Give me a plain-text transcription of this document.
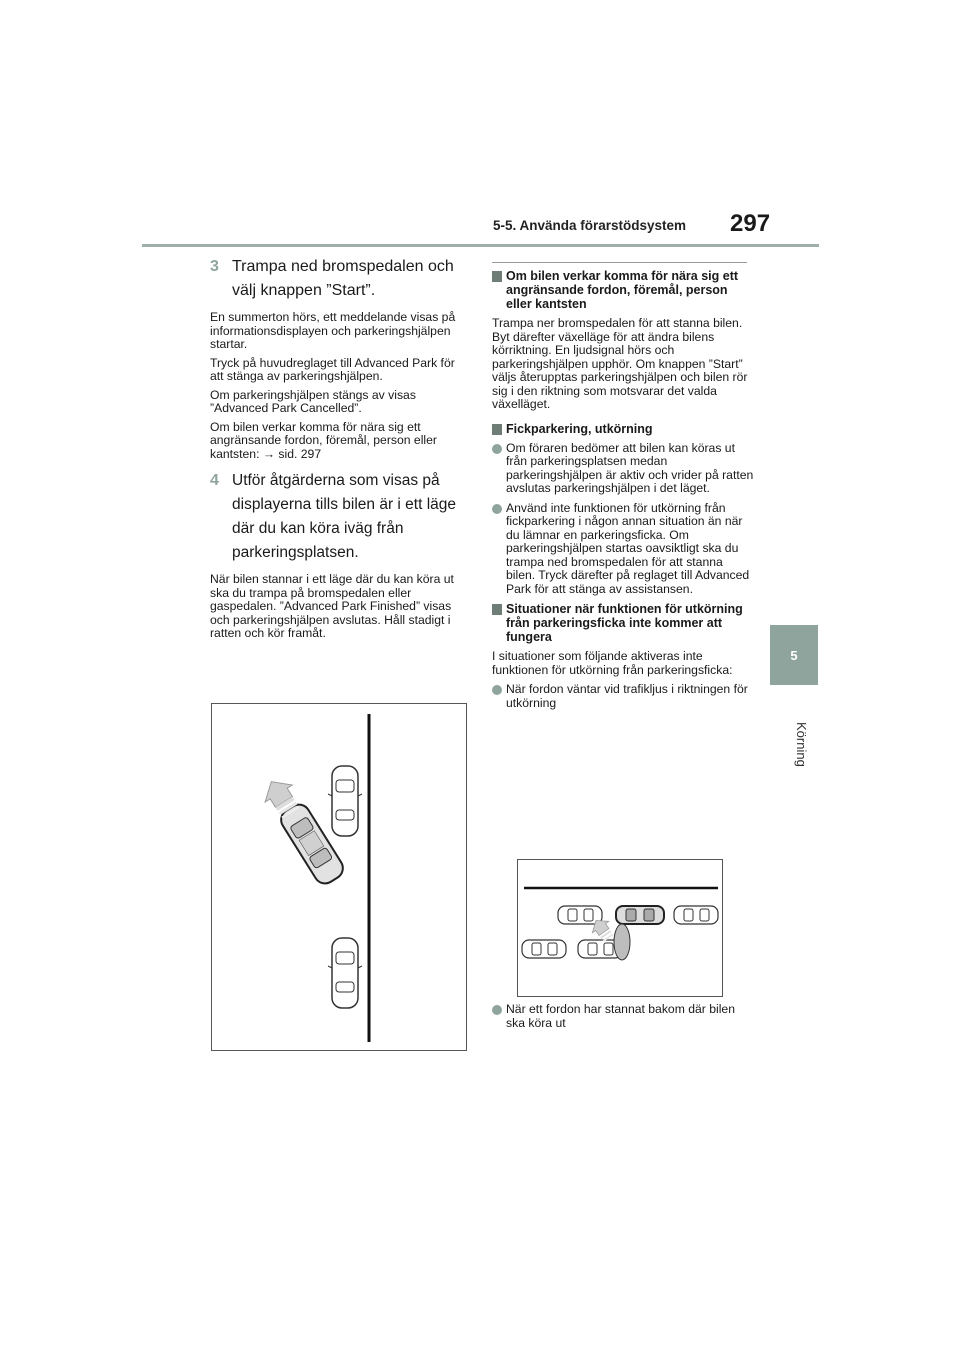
5-5. Använda förarstödsystem 297
5
Körning
3 Trampa ned bromspedalen och välj knappen ”Start”.

En summerton hörs, ett meddelande visas på informationsdisplayen och parkeringshjälpen startar.

Tryck på huvudreglaget till Advanced Park för att stänga av parkeringshjälpen.

Om parkeringshjälpen stängs av visas ”Advanced Park Cancelled”.

Om bilen verkar komma för nära sig ett angränsande fordon, föremål, person eller kantsten: → sid. 297

4 Utför åtgärderna som visas på displayerna tills bilen är i ett läge där du kan köra iväg från parkeringsplatsen.

När bilen stannar i ett läge där du kan köra ut ska du trampa på bromspedalen eller gaspedalen. ”Advanced Park Finished” visas och parkeringshjälpen avslutas. Håll stadigt i ratten och kör framåt.

Om bilen verkar komma för nära sig ett angränsande fordon, föremål, person eller kantsten

Trampa ner bromspedalen för att stanna bilen. Byt därefter växelläge för att ändra bilens körriktning. En ljudsignal hörs och parkeringshjälpen upphör. Om knappen ”Start” väljs återupptas parkeringshjälpen och bilen rör sig i den riktning som motsvarar det valda växelläget.

Fickparkering, utkörning
Om föraren bedömer att bilen kan köras ut från parkeringsplatsen medan parkeringshjälpen är aktiv och vrider på ratten avslutas parkeringshjälpen i det läget.
Använd inte funktionen för utkörning från fickparkering i någon annan situation än när du lämnar en parkeringsficka. Om parkeringshjälpen startas oavsiktligt ska du trampa ned bromspedalen för att stanna bilen. Tryck därefter på reglaget till Advanced Park för att stänga av assistansen.
Situationer när funktionen för utkörning från parkeringsficka inte kommer att fungera

I situationer som följande aktiveras inte funktionen för utkörning från parkeringsficka:

När fordon väntar vid trafikljus i riktningen för utkörning
När ett fordon har stannat bakom där bilen ska köra ut
